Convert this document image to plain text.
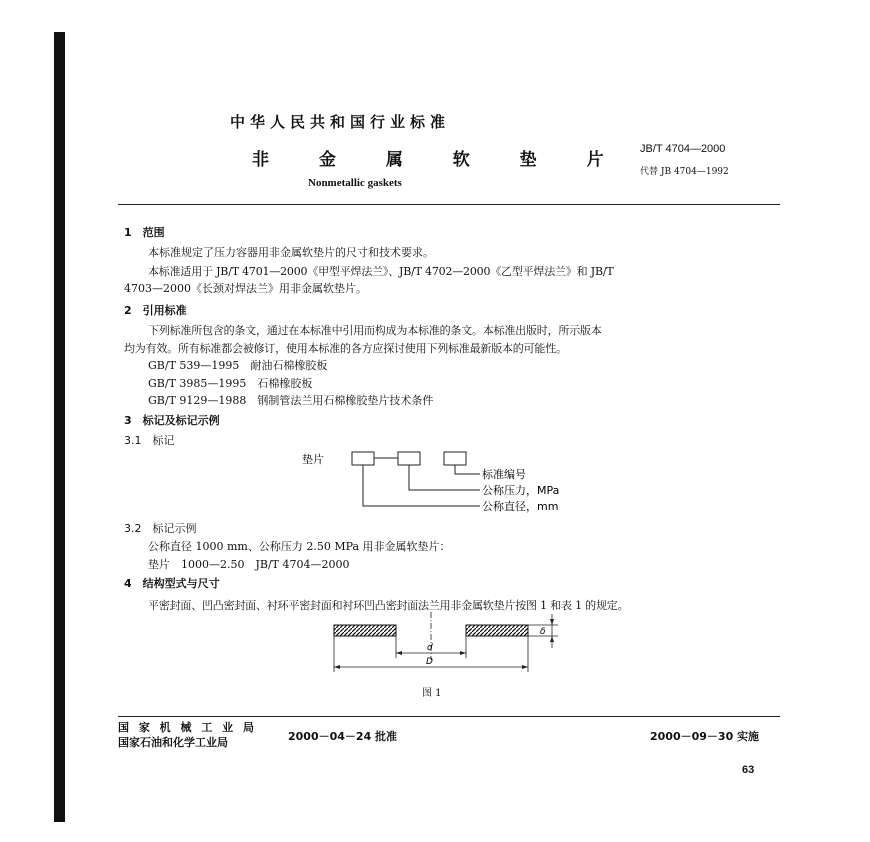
中华人民共和国行业标准
非 金 属 软 垫 片
Nonmetallic gaskets
JB/T 4704—2000
代替 JB 4704—1992
1　范围
本标准规定了压力容器用非金属软垫片的尺寸和技术要求。
本标准适用于 JB/T 4701—2000《甲型平焊法兰》、JB/T 4702—2000《乙型平焊法兰》和 JB/T
4703—2000《长颈对焊法兰》用非金属软垫片。
2　引用标准
下列标准所包含的条文，通过在本标准中引用而构成为本标准的条文。本标准出版时，所示版本
均为有效。所有标准都会被修订，使用本标准的各方应探讨使用下列标准最新版本的可能性。
GB/T 539—1995　耐油石棉橡胶板
GB/T 3985—1995　石棉橡胶板
GB/T 9129—1988　钢制管法兰用石棉橡胶垫片技术条件
3　标记及标记示例
3.1　标记
垫片
标准编号
公称压力，MPa
公称直径，mm
3.2　标记示例
公称直径 1000 mm、公称压力 2.50 MPa 用非金属软垫片：
垫片　1000—2.50　JB/T 4704—2000
4　结构型式与尺寸
平密封面、凹凸密封面、衬环平密封面和衬环凹凸密封面法兰用非金属软垫片按图 1 和表 1 的规定。
d
D
δ
图 1
国 家 机 械 工 业 局
国家石油和化学工业局	2000－04－24 批准	2000－09－30 实施
63
